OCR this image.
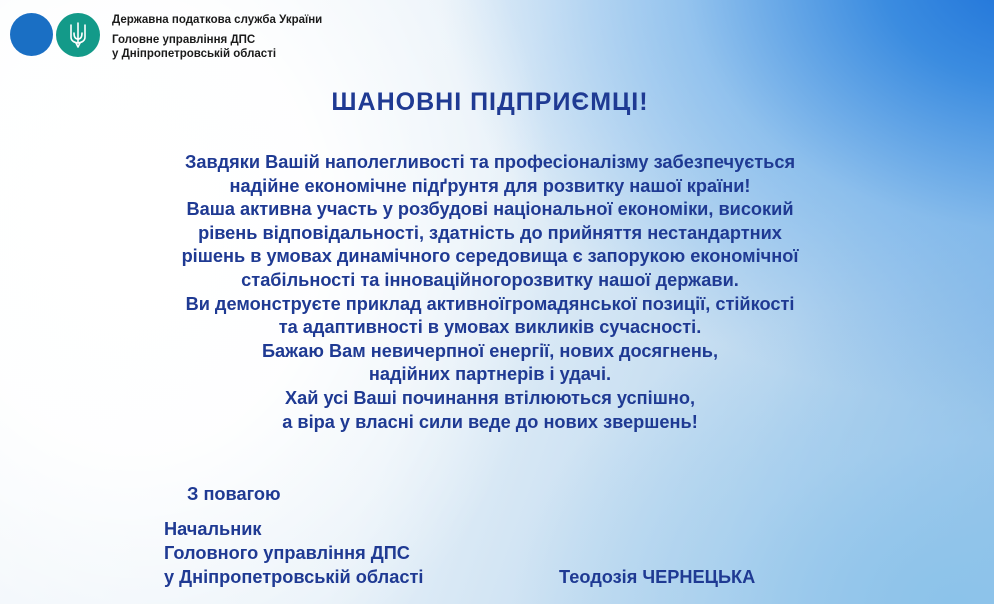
Державна податкова служба України
Головне управління ДПС
у Дніпропетровській області
ШАНОВНІ ПІДПРИЄМЦІ!
Завдяки Вашій наполегливості та професіоналізму забезпечується
надійне економічне підґрунтя для розвитку нашої країни!
Ваша активна участь у розбудові національної економіки, високий
рівень відповідальності, здатність до прийняття нестандартних
рішень в умовах динамічного середовища є запорукою економічної
стабільності та інноваційногорозвитку нашої держави.
Ви демонструєте приклад активноїгромадянської позиції, стійкості
та адаптивності в умовах викликів сучасності.
Бажаю Вам невичерпної енергії, нових досягнень,
надійних партнерів і удачі.
Хай усі Ваші починання втілюються успішно,
а віра у власні сили веде до нових звершень!
З повагою
Начальник
Головного управління ДПС
у Дніпропетровській області	Теодозія ЧЕРНЕЦЬКА
